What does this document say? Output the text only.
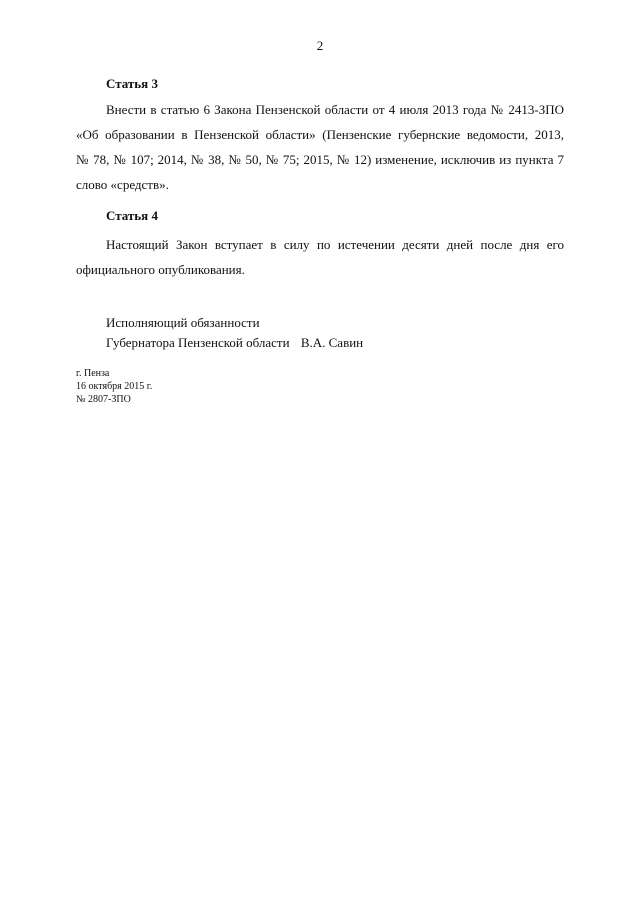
2
Статья 3
Внести в статью 6 Закона Пензенской области от 4 июля 2013 года № 2413-ЗПО
«Об образовании в Пензенской области» (Пензенские губернские ведомости, 2013,
№ 78, № 107; 2014, № 38, № 50, № 75; 2015, № 12) изменение, исключив из пункта 7
слово «средств».
Статья 4
Настоящий Закон вступает в силу по истечении десяти дней после дня его
официального опубликования.
Исполняющий обязанности
Губернатора Пензенской области В.А. Савин
г. Пенза
16 октября 2015 г.
№ 2807-ЗПО
